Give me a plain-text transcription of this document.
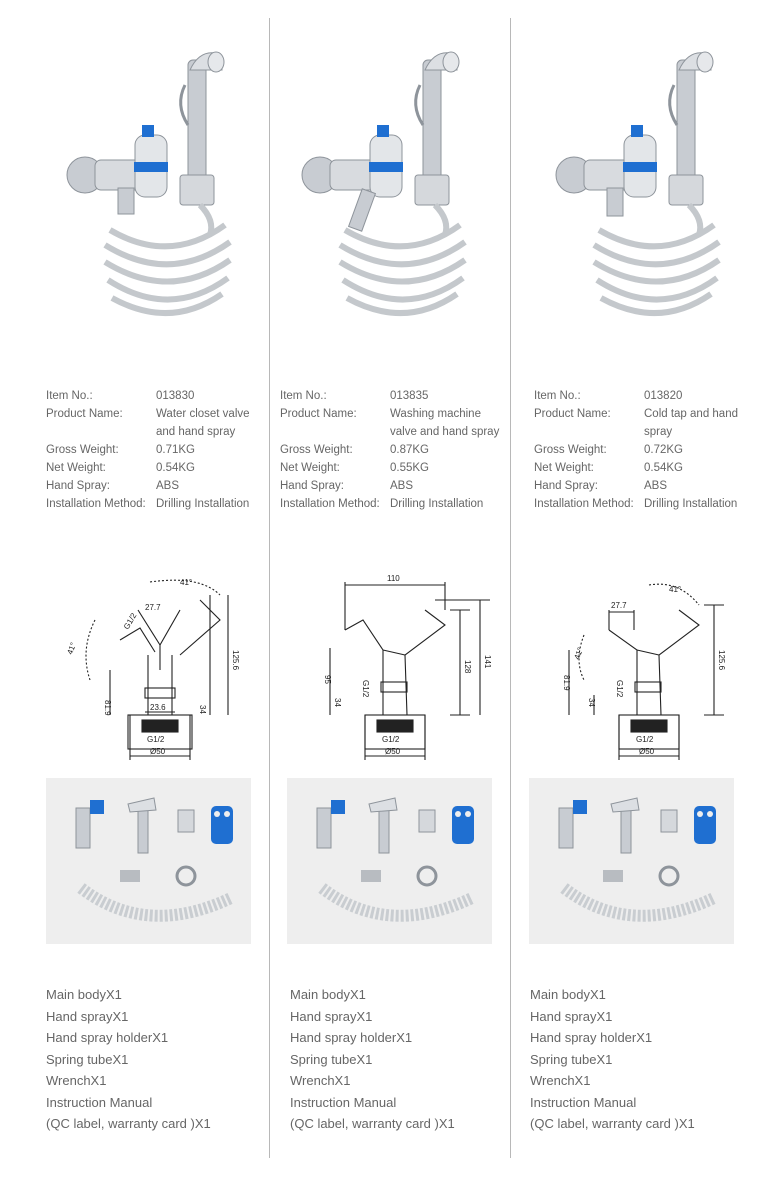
Item No.:	013830
Product Name:	Water closet valve and hand spray
Gross Weight:	0.71KG
Net Weight:	0.54KG
Hand Spray:	ABS
Installation Method: Drilling Installation
41°
27.7
G1/2
41°
81.9	23.6	34
125.6
G1/2
Ø50
Main bodyX1
Hand sprayX1
Hand spray holderX1
Spring tubeX1
WrenchX1
Instruction Manual
(QC label, warranty card )X1
Item No.:	013835
Product Name:	Washing machine valve and hand spray
Gross Weight:	0.87KG
Net Weight:	0.55KG
Hand Spray:	ABS
Installation Method: Drilling Installation
110
128 141
95
G1/2
34
G1/2
Ø50
Main bodyX1
Hand sprayX1
Hand spray holderX1
Spring tubeX1
WrenchX1
Instruction Manual
(QC label, warranty card )X1
Item No.:	013820
Product Name:	Cold tap and hand spray
Gross Weight:	0.72KG
Net Weight:	0.54KG
Hand Spray:	ABS
Installation Method: Drilling Installation
27.7
41°
41°
81.9	G1/2
34
125.6
G1/2
Ø50
Main bodyX1
Hand sprayX1
Hand spray holderX1
Spring tubeX1
WrenchX1
Instruction Manual
(QC label, warranty card )X1
